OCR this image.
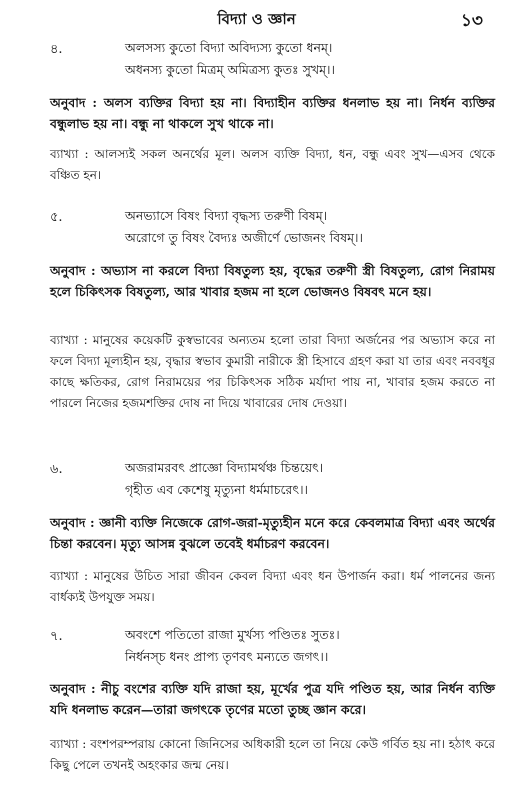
বিদ্যা ও জ্ঞান	১৩
৪.	অলসস্য কুতো বিদ্যা অবিদ্যস্য কুতো ধনম্।
অধনস্য কুতো মিত্রম্ অমিত্রস্য কুতঃ সুখম্।।

অনুবাদ : অলস ব্যক্তির বিদ্যা হয় না। বিদ্যাহীন ব্যক্তির ধনলাভ হয় না। নির্ধন ব্যক্তির বন্ধুলাভ হয় না। বন্ধু না থাকলে সুখ থাকে না।

ব্যাখ্যা : আলস্যই সকল অনর্থের মূল। অলস ব্যক্তি বিদ্যা, ধন, বন্ধু এবং সুখ—এসব থেকে বঞ্চিত হন।

৫.	অনভ্যাসে বিষং বিদ্যা বৃদ্ধস্য তরুণী বিষম্।
অরোগে তু বিষং বৈদ্যঃ অজীর্ণে ভোজনং বিষম্।।

অনুবাদ : অভ্যাস না করলে বিদ্যা বিষতুল্য হয়, বৃদ্ধের তরুণী স্ত্রী বিষতুল্য, রোগ নিরাময় হলে চিকিৎসক বিষতুল্য, আর খাবার হজম না হলে ভোজনও বিষবৎ মনে হয়।

ব্যাখ্যা : মানুষের কয়েকটি কুস্বভাবের অন্যতম হলো তারা বিদ্যা অর্জনের পর অভ্যাস করে না ফলে বিদ্যা মূল্যহীন হয়, বৃদ্ধার স্বভাব কুমারী নারীকে স্ত্রী হিসাবে গ্রহণ করা যা তার এবং নববধূর কাছে ক্ষতিকর, রোগ নিরাময়ের পর চিকিৎসক সঠিক মর্যাদা পায় না, খাবার হজম করতে না পারলে নিজের হজমশক্তির দোষ না দিয়ে খাবারের দোষ দেওয়া।

৬.	অজরামরবৎ প্রাজ্ঞো বিদ্যামর্থঞ্চ চিন্তয়েৎ।
গৃহীত এব কেশেষু মৃত্যুনা ধর্মমাচরেৎ।।

অনুবাদ : জ্ঞানী ব্যক্তি নিজেকে রোগ-জরা-মৃত্যুহীন মনে করে কেবলমাত্র বিদ্যা এবং অর্থের চিন্তা করবেন। মৃত্যু আসন্ন বুঝলে তবেই ধর্মাচরণ করবেন।

ব্যাখ্যা : মানুষের উচিত সারা জীবন কেবল বিদ্যা এবং ধন উপার্জন করা। ধর্ম পালনের জন্য বার্ধক্যই উপযুক্ত সময়।

৭.	অবংশে পতিতো রাজা মুর্খস্য পণ্ডিতঃ সুতঃ।
নির্ধনস্চ ধনং প্রাপ্য তৃণবৎ মন্যতে জগৎ।।

অনুবাদ : নীচু বংশের ব্যক্তি যদি রাজা হয়, মূর্খের পুত্র যদি পণ্ডিত হয়, আর নির্ধন ব্যক্তি যদি ধনলাভ করেন—তারা জগৎকে তৃণের মতো তুচ্ছ জ্ঞান করে।

ব্যাখ্যা : বংশপরম্পরায় কোনো জিনিসের অধিকারী হলে তা নিয়ে কেউ গর্বিত হয় না। হঠাৎ করে কিছু পেলে তখনই অহংকার জন্ম নেয়।
